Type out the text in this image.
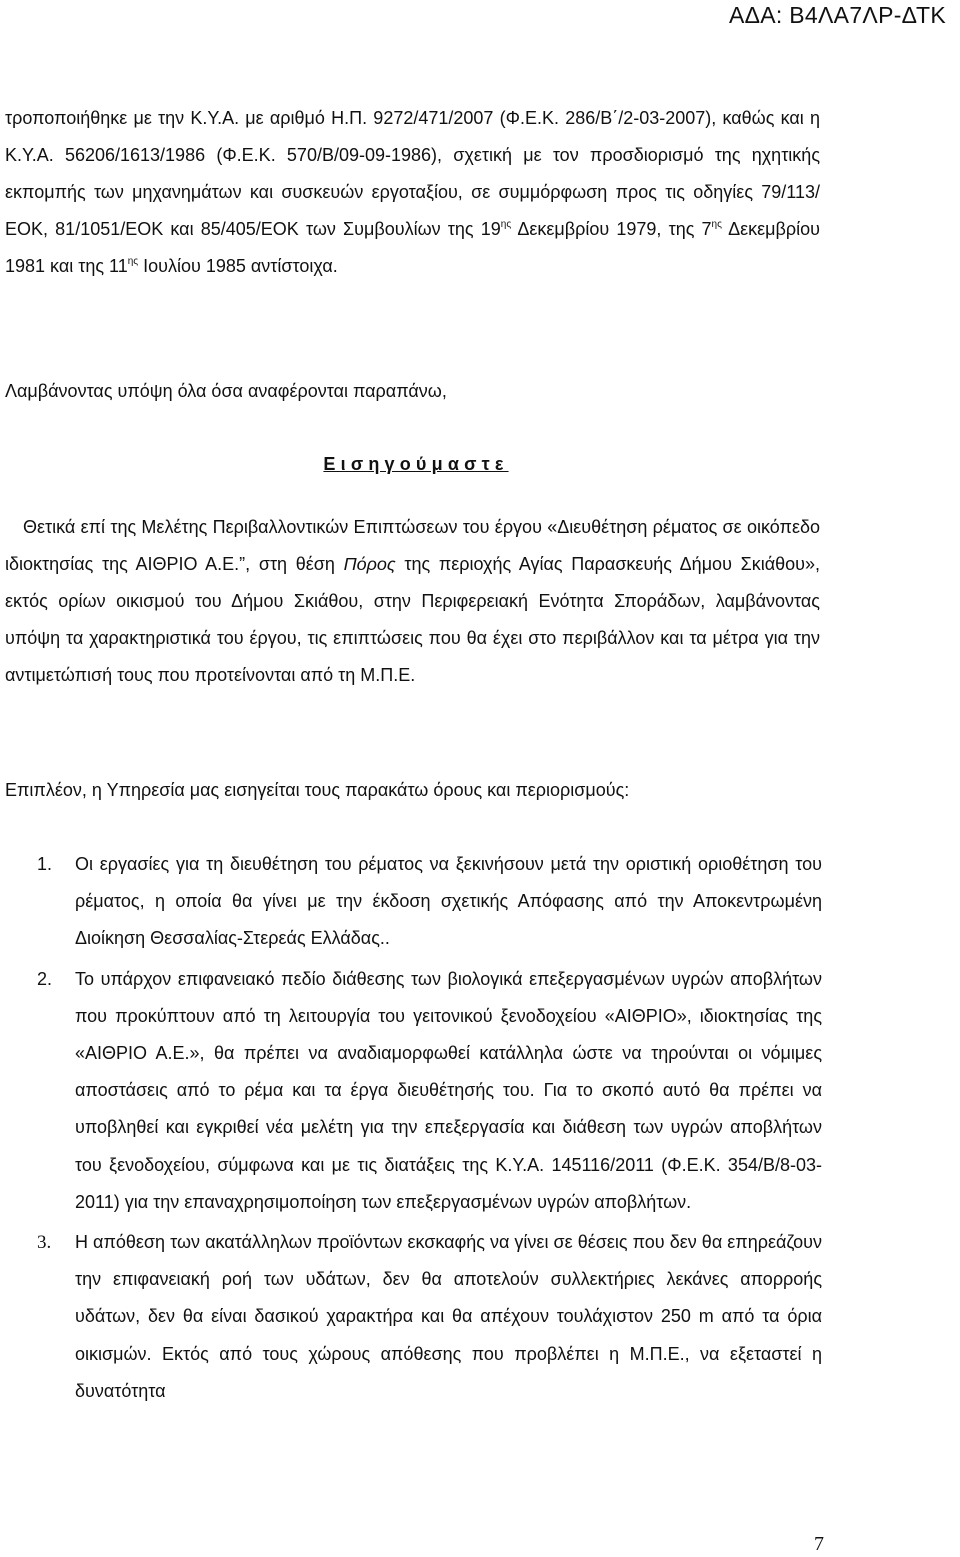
ΑΔΑ: Β4ΛΑ7ΛΡ-ΔΤΚ

τροποποιήθηκε με την Κ.Υ.Α. με αριθμό Η.Π. 9272/471/2007 (Φ.Ε.Κ. 286/Β΄/2-03-2007), καθώς και η Κ.Υ.Α. 56206/1613/1986 (Φ.Ε.Κ. 570/Β/09-09-1986), σχετική με τον προσδιορισμό της ηχητικής εκπομπής των μηχανημάτων και συσκευών εργοταξίου, σε συμμόρφωση προς τις οδηγίες 79/113/ΕΟΚ, 81/1051/ΕΟΚ και 85/405/ΕΟΚ των Συμβουλίων της $19^{\eta\varsigma}$ Δεκεμβρίου 1979, της $7^{\eta\varsigma}$ Δεκεμβρίου 1981 και της $11^{\eta\varsigma}$ Ιουλίου 1985 αντίστοιχα.

Λαμβάνοντας υπόψη όλα όσα αναφέρονται παραπάνω,
Εισηγούμαστε

Θετικά επί της Μελέτης Περιβαλλοντικών Επιπτώσεων του έργου «Διευθέτηση ρέματος σε οικόπεδο ιδιοκτησίας της ΑΙΘΡΙΟ Α.Ε.”, στη θέση Πόρος της περιοχής Αγίας Παρασκευής Δήμου Σκιάθου», εκτός ορίων οικισμού του Δήμου Σκιάθου, στην Περιφερειακή Ενότητα Σποράδων, λαμβάνοντας υπόψη τα χαρακτηριστικά του έργου, τις επιπτώσεις που θα έχει στο περιβάλλον και τα μέτρα για την αντιμετώπισή τους που προτείνονται από τη Μ.Π.Ε.

Επιπλέον, η Υπηρεσία μας εισηγείται τους παρακάτω όρους και περιορισμούς:
1. Οι εργασίες για τη διευθέτηση του ρέματος να ξεκινήσουν μετά την οριστική οριοθέτηση του ρέματος, η οποία θα γίνει με την έκδοση σχετικής Απόφασης από την Αποκεντρωμένη Διοίκηση Θεσσαλίας-Στερεάς Ελλάδας..
2. Το υπάρχον επιφανειακό πεδίο διάθεσης των βιολογικά επεξεργασμένων υγρών αποβλήτων που προκύπτουν από τη λειτουργία του γειτονικού ξενοδοχείου «ΑΙΘΡΙΟ», ιδιοκτησίας της «ΑΙΘΡΙΟ Α.Ε.», θα πρέπει να αναδιαμορφωθεί κατάλληλα ώστε να τηρούνται οι νόμιμες αποστάσεις από το ρέμα και τα έργα διευθέτησής του. Για το σκοπό αυτό θα πρέπει να υποβληθεί και εγκριθεί νέα μελέτη για την επεξεργασία και διάθεση των υγρών αποβλήτων του ξενοδοχείου, σύμφωνα και με τις διατάξεις της Κ.Υ.Α. 145116/2011 (Φ.Ε.Κ. 354/Β/8-03-2011) για την επαναχρησιμοποίηση των επεξεργασμένων υγρών αποβλήτων.
3. Η απόθεση των ακατάλληλων προϊόντων εκσκαφής να γίνει σε θέσεις που δεν θα επηρεάζουν την επιφανειακή ροή των υδάτων, δεν θα αποτελούν συλλεκτήριες λεκάνες απορροής υδάτων, δεν θα είναι δασικού χαρακτήρα και θα απέχουν τουλάχιστον 250 m από τα όρια οικισμών. Εκτός από τους χώρους απόθεσης που προβλέπει η Μ.Π.Ε., να εξεταστεί η δυνατότητα
7
